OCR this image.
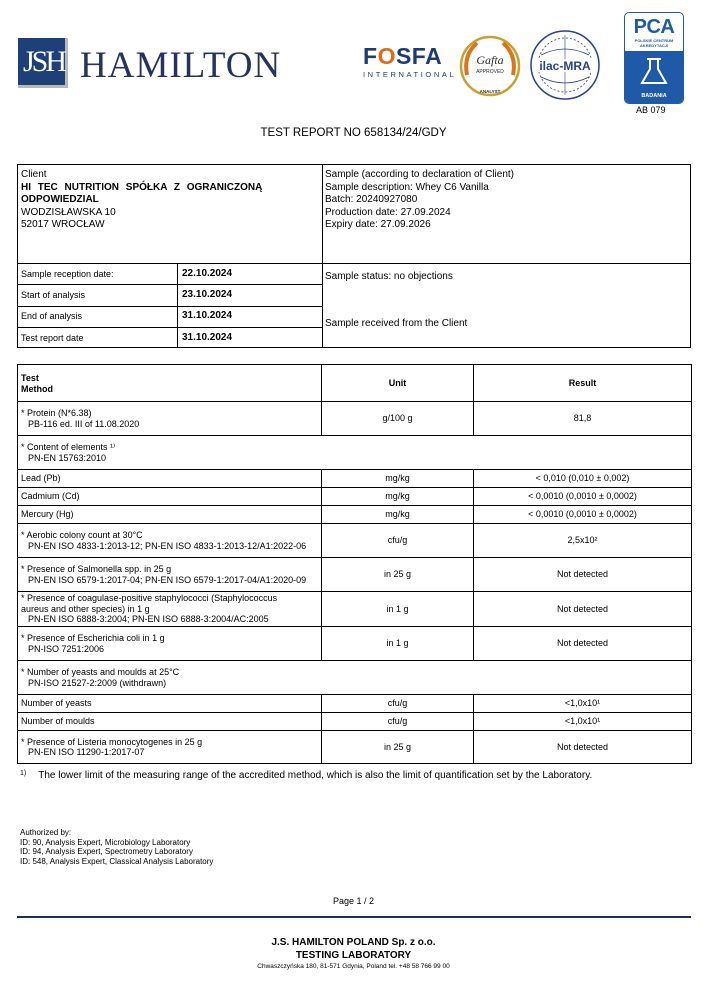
JSH HAMILTON	FOSFA
INTERNATIONAL
Gafta
APPROVED
ANALYST
ilac-MRA
PCA
POLSKIE CENTRUM
AKREDYTACJI
BADANIA
AB 079
TEST REPORT NO 658134/24/GDY
Client
HI TEC NUTRITION SPÓŁKA Z OGRANICZONĄ
ODPOWIEDZIAL
WODZISŁAWSKA 10
52017 WROCŁAW
Sample (according to declaration of Client)
Sample description: Whey C6 Vanilla
Batch: 20240927080
Production date: 27.09.2024
Expiry date: 27.09.2026
Sample reception date:	22.10.2024
Start of analysis	23.10.2024
End of analysis	31.10.2024
Test report date	31.10.2024
Sample status: no objections
Sample received from the Client
Test
Method	Unit	Result

* Protein (N*6.38)
PB-116 ed. III of 11.08.2020	g/100 g	81,8

* Content of elements ¹⁾
PN-EN 15763:2010		

Lead (Pb)	mg/kg	< 0,010 (0,010 ± 0,002)
Cadmium (Cd)	mg/kg	< 0,0010 (0,0010 ± 0,0002)
Mercury (Hg)	mg/kg	< 0,0010 (0,0010 ± 0,0002)

* Aerobic colony count at 30°C
PN-EN ISO 4833-1:2013-12; PN-EN ISO 4833-1:2013-12/A1:2022-06	cfu/g	2,5x10²

* Presence of Salmonella spp. in 25 g
PN-EN ISO 6579-1:2017-04; PN-EN ISO 6579-1:2017-04/A1:2020-09	in 25 g	Not detected

* Presence of coagulase-positive staphylococci (Staphylococcus
aureus and other species) in 1 g
PN-EN ISO 6888-3:2004; PN-EN ISO 6888-3:2004/AC:2005	in 1 g	Not detected

* Presence of Escherichia coli in 1 g
PN-ISO 7251:2006	in 1 g	Not detected

* Number of yeasts and moulds at 25°C
PN-ISO 21527-2:2009 (withdrawn)		

Number of yeasts	cfu/g	<1,0x10¹
Number of moulds	cfu/g	<1,0x10¹

* Presence of Listeria monocytogenes in 25 g
PN-EN ISO 11290-1:2017-07	in 25 g	Not detected
$^{1)}$ The lower limit of the measuring range of the accredited method, which is also the limit of quantification set by the Laboratory.
Authorized by:
ID: 90, Analysis Expert, Microbiology Laboratory
ID: 94, Analysis Expert, Spectrometry Laboratory
ID: 548, Analysis Expert, Classical Analysis Laboratory
Page 1 / 2
J.S. HAMILTON POLAND Sp. z o.o.
TESTING LABORATORY
Chwaszczyńska 180, 81-571 Gdynia, Poland tel. +48 58 766 99 00
